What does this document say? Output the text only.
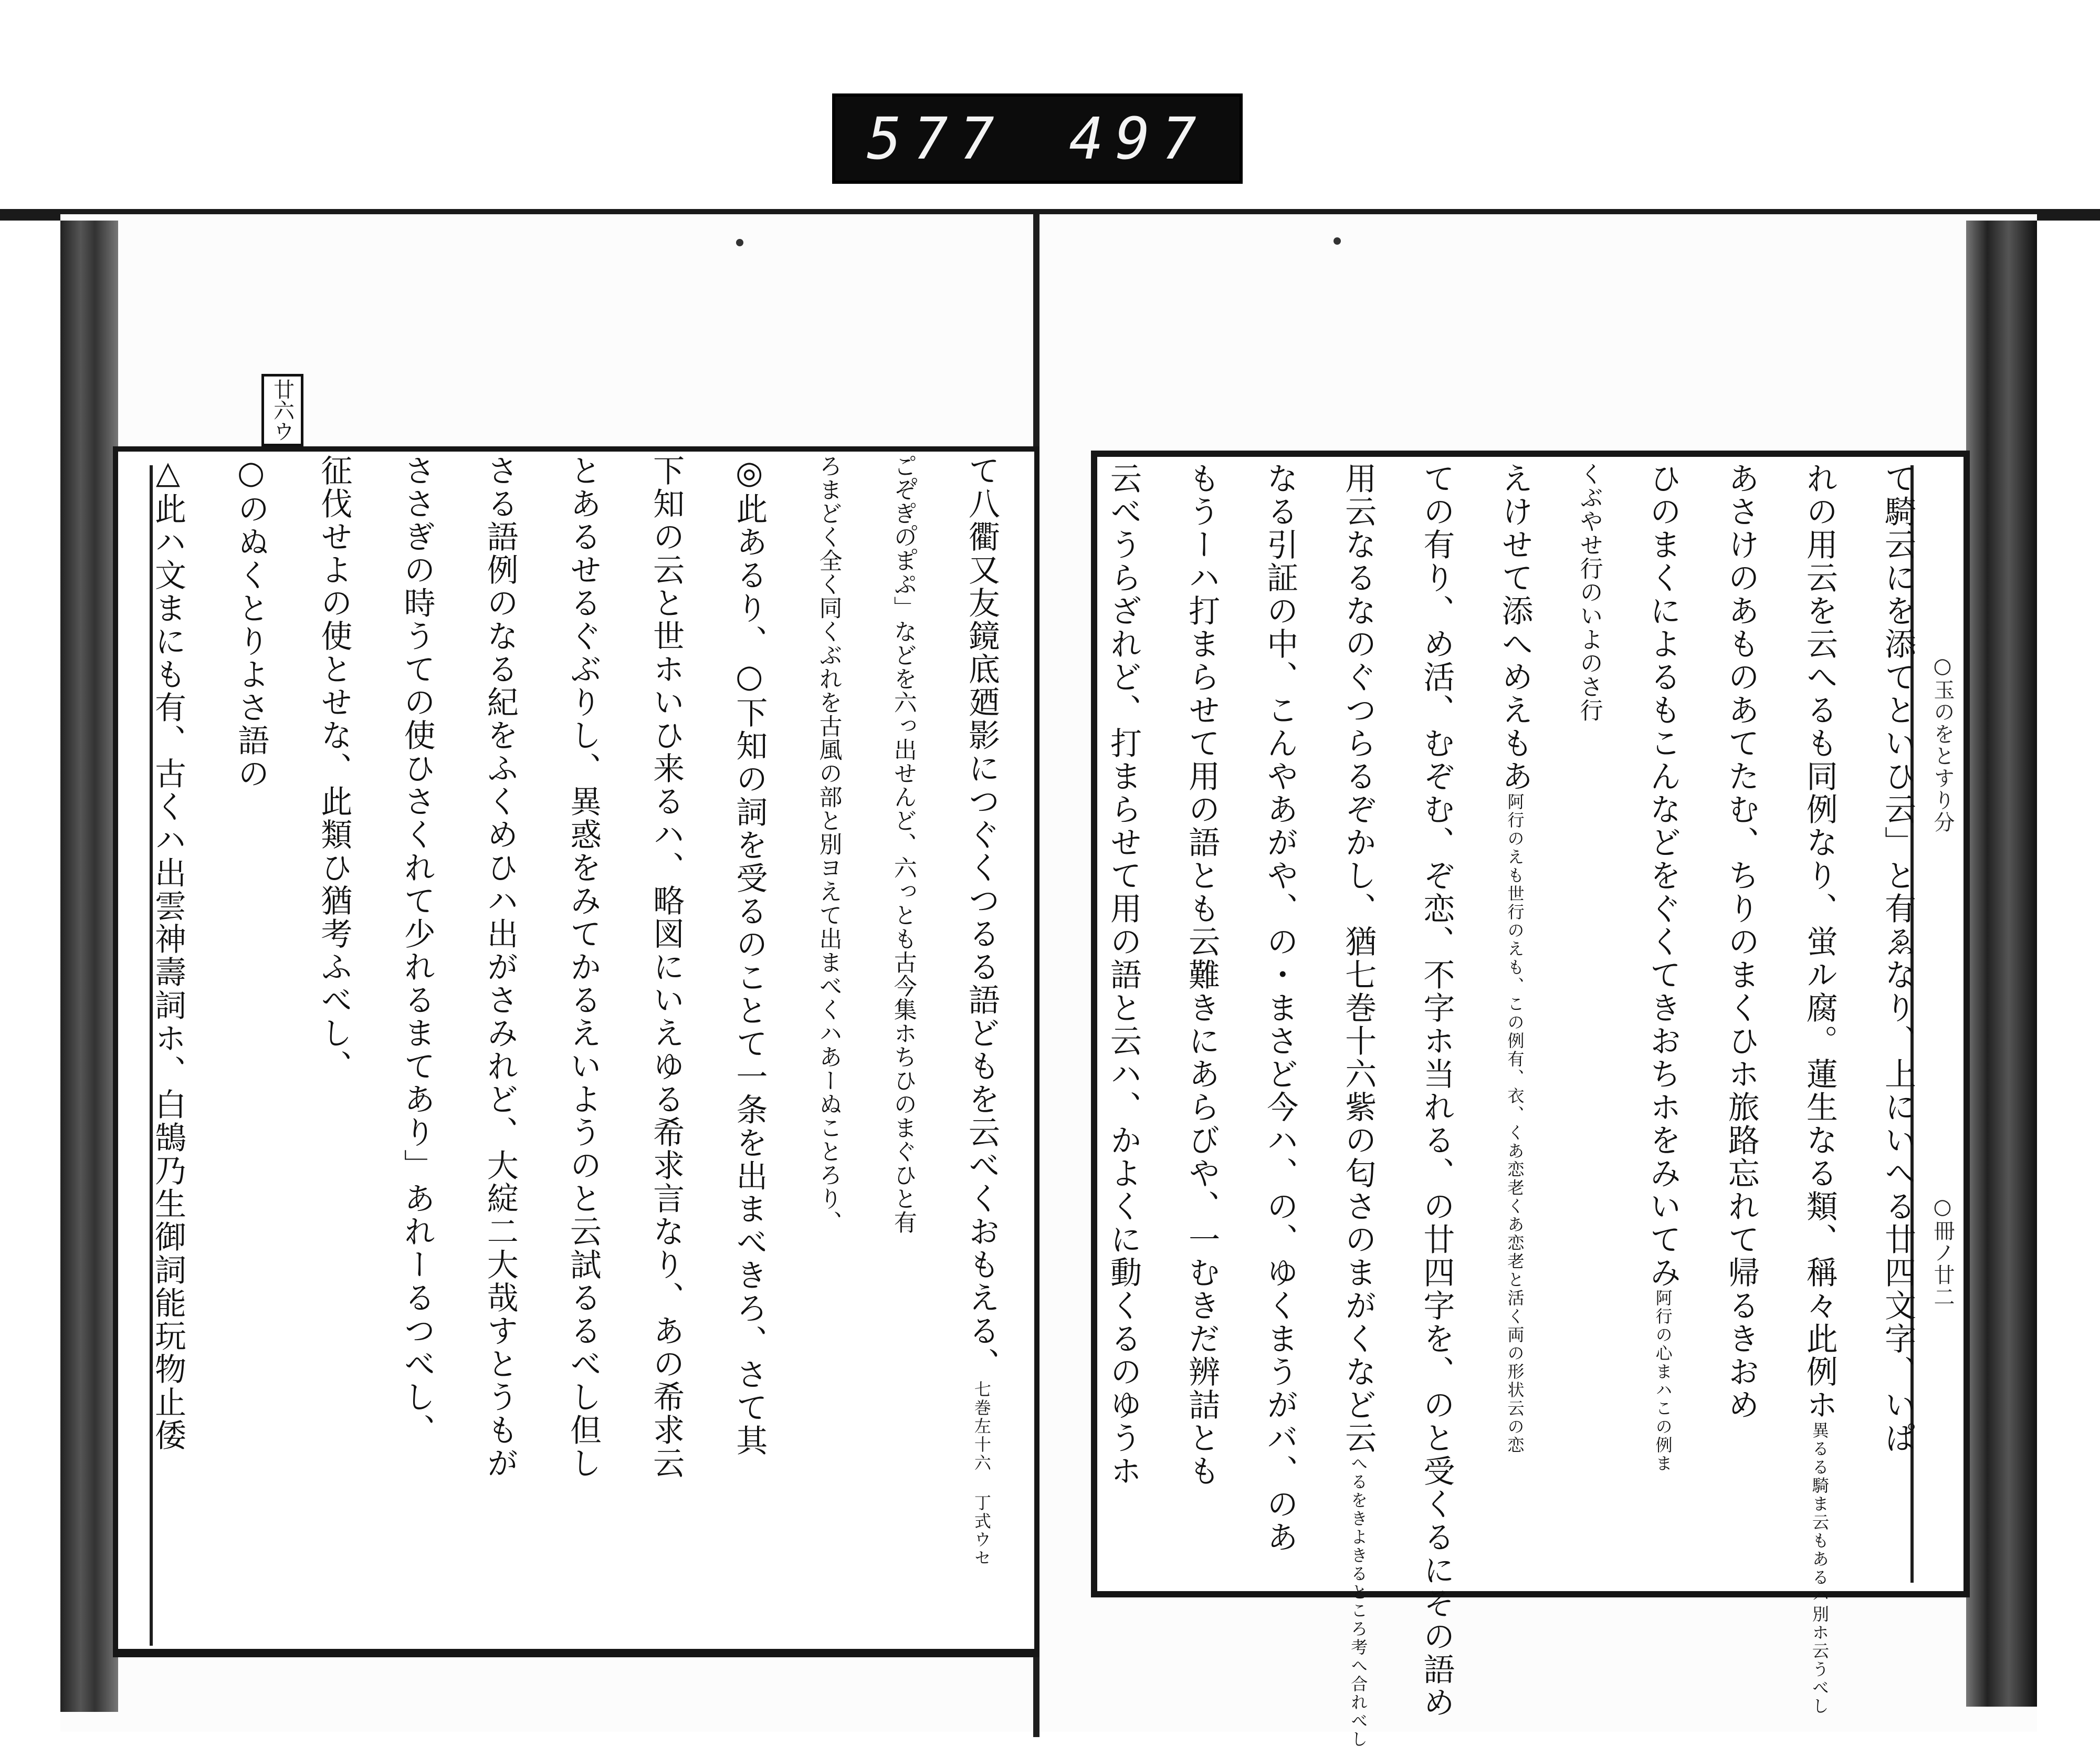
577 497
廿六ウ
○玉のをとすり分
○冊ノ廿二
て八衢又友鏡底廼影につぐくつるる語どもを云べくおもえる、七巻左十六 丁式ウセ
こ゚ぞ゚き゚の゚ま゚ぷ」などを六っ出せんど、六っとも古今集ホちひのまぐひと有
ろまどく全く同くぶれを古風の部と別ヨえて出まべくハあーぬことろり、
◎此あるり、○下知の詞を受るのことて一条を出まべきろ、さて其
下知の云と世ホいひ来るハ、略図にいえゆる希求言なり、あの希求云
とあるせるぐぶりし、異惑をみてかるえいようのと云試るるべし但し
さる語例のなる紀をふくめひハ出がさみれど、大綻二大哉すとうもが
ささぎの時うての使ひさくれて少れるまてあり」あれーるつべし、
征伐せよの使とせな、此類ひ猶考ふべし、
○のぬくとりよさ語の
△此ハ文まにも有、古くハ出雲神壽詞ホ、白鵠乃生御詞能玩物止倭	て騎云にを添てといひ云」と有ゑなり、上にいへる廿四文字、いぱ
れの用云を云へるも同例なり、蛍ル腐。蓮生なる類、稱々此例ホ異るる騎ま云もあるハ別ホ云うべし
あさけのあものあてたむ、ちりのまくひホ旅路忘れて帰るきおめ
ひのまくによるもこんなどをぐくてきおちホをみいてみ阿行の心まハこの例ま
くぶやせ行のいよのさ行
えけせて添へめえもあ阿行のえも世行のえも、この例有、衣、くあ恋老くあ恋老と活く両の形状云の恋
ての有り、め活、むぞむ、ぞ恋、不字ホ当れる、の廿四字を、のと受くるにその語め
用云なるなのぐつらるぞかし、猶七巻十六紫の匂さのまがくなど云へるをきよきるところ考へ合れべし
なる引証の中、こんやあがや、の・まさど今ハ、の、ゆくまうがバ、のあ
もうーハ打まらせて用の語とも云難きにあらびや、一むきだ辨詰とも
云べうらざれど、打まらせて用の語と云ハ、かよくに動くるのゆうホ
